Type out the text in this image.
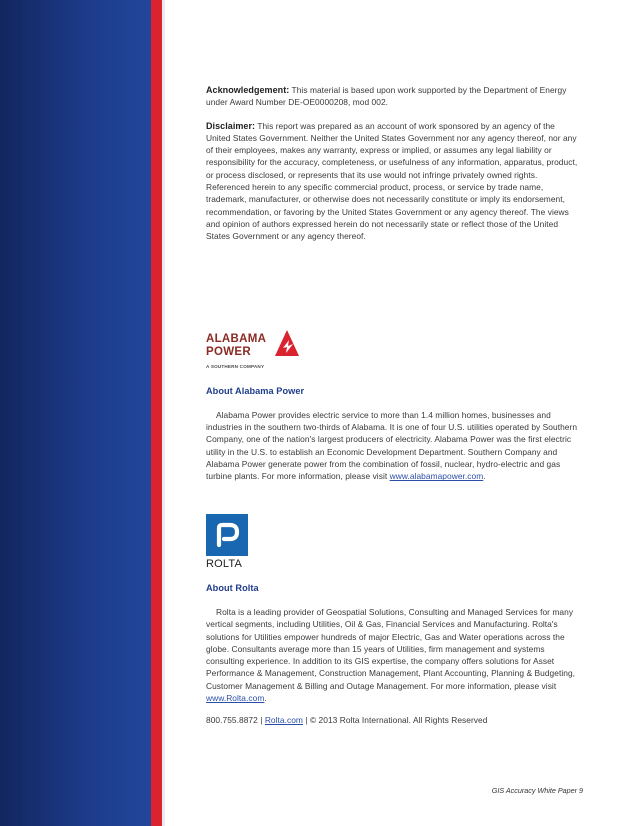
Acknowledgement: This material is based upon work supported by the Department of Energy under Award Number DE-OE0000208, mod 002.

Disclaimer: This report was prepared as an account of work sponsored by an agency of the United States Government. Neither the United States Government nor any agency thereof, nor any of their employees, makes any warranty, express or implied, or assumes any legal liability or responsibility for the accuracy, completeness, or usefulness of any information, apparatus, product, or process disclosed, or represents that its use would not infringe privately owned rights. Referenced herein to any specific commercial product, process, or service by trade name, trademark, manufacturer, or otherwise does not necessarily constitute or imply its endorsement, recommendation, or favoring by the United States Government or any agency thereof. The views and opinion of authors expressed herein do not necessarily state or reflect those of the United States Government or any agency thereof.

ALABAMA
POWER
A SOUTHERN COMPANY

About Alabama Power

Alabama Power provides electric service to more than 1.4 million homes, businesses and industries in the southern two-thirds of Alabama. It is one of four U.S. utilities operated by Southern Company, one of the nation's largest producers of electricity. Alabama Power was the first electric utility in the U.S. to establish an Economic Development Department. Southern Company and Alabama Power generate power from the combination of fossil, nuclear, hydro-electric and gas turbine plants. For more information, please visit www.alabamapower.com.

ROLTA

About Rolta

Rolta is a leading provider of Geospatial Solutions, Consulting and Managed Services for many vertical segments, including Utilities, Oil & Gas, Financial Services and Manufacturing. Rolta's solutions for Utilities empower hundreds of major Electric, Gas and Water operations across the globe. Consultants average more than 15 years of Utilities, firm management and systems consulting experience. In addition to its GIS expertise, the company offers solutions for Asset Performance & Management, Construction Management, Plant Accounting, Planning & Budgeting, Customer Management & Billing and Outage Management. For more information, please visit www.Rolta.com.

800.755.8872 | Rolta.com | © 2013 Rolta International. All Rights Reserved

GIS Accuracy White Paper 9
